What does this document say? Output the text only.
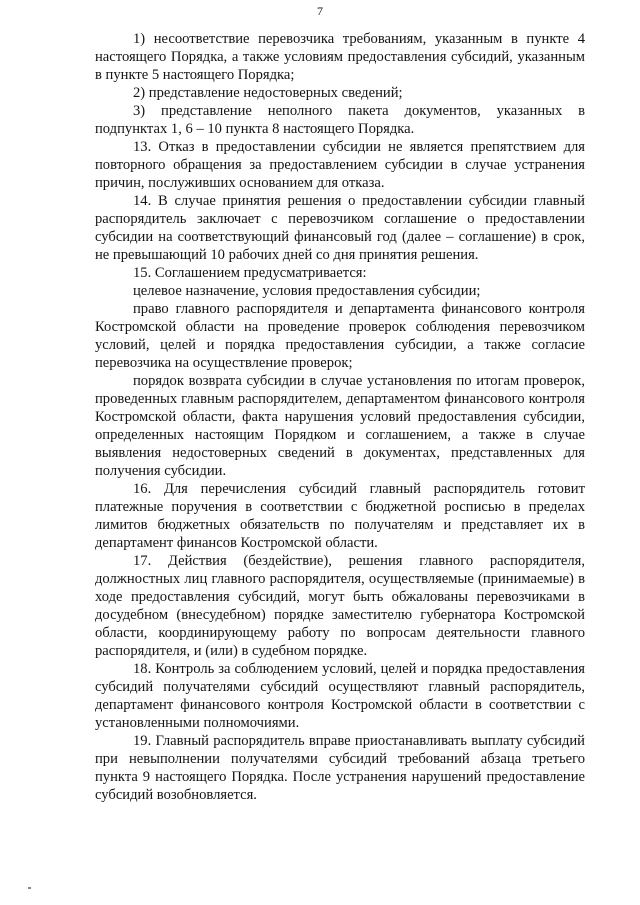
7

1) несоответствие перевозчика требованиям, указанным в пункте 4 настоящего Порядка, а также условиям предоставления субсидий, указанным в пункте 5 настоящего Порядка;

2) представление недостоверных сведений;

3) представление неполного пакета документов, указанных в подпунктах 1, 6 – 10 пункта 8 настоящего Порядка.

13. Отказ в предоставлении субсидии не является препятствием для повторного обращения за предоставлением субсидии в случае устранения причин, послуживших основанием для отказа.

14. В случае принятия решения о предоставлении субсидии главный распорядитель заключает с перевозчиком соглашение о предоставлении субсидии на соответствующий финансовый год (далее – соглашение) в срок, не превышающий 10 рабочих дней со дня принятия решения.

15. Соглашением предусматривается:

целевое назначение, условия предоставления субсидии;

право главного распорядителя и департамента финансового контроля Костромской области на проведение проверок соблюдения перевозчиком условий, целей и порядка предоставления субсидии, а также согласие перевозчика на осуществление проверок;

порядок возврата субсидии в случае установления по итогам проверок, проведенных главным распорядителем, департаментом финансового контроля Костромской области, факта нарушения условий предоставления субсидии, определенных настоящим Порядком и соглашением, а также в случае выявления недостоверных сведений в документах, представленных для получения субсидии.

16. Для перечисления субсидий главный распорядитель готовит платежные поручения в соответствии с бюджетной росписью в пределах лимитов бюджетных обязательств по получателям и представляет их в департамент финансов Костромской области.

17. Действия (бездействие), решения главного распорядителя, должностных лиц главного распорядителя, осуществляемые (принимаемые) в ходе предоставления субсидий, могут быть обжалованы перевозчиками в досудебном (внесудебном) порядке заместителю губернатора Костромской области, координирующему работу по вопросам деятельности главного распорядителя, и (или) в судебном порядке.

18. Контроль за соблюдением условий, целей и порядка предоставления субсидий получателями субсидий осуществляют главный распорядитель, департамент финансового контроля Костромской области в соответствии с установленными полномочиями.

19. Главный распорядитель вправе приостанавливать выплату субсидий при невыполнении получателями субсидий требований абзаца третьего пункта 9 настоящего Порядка. После устранения нарушений предоставление субсидий возобновляется.
